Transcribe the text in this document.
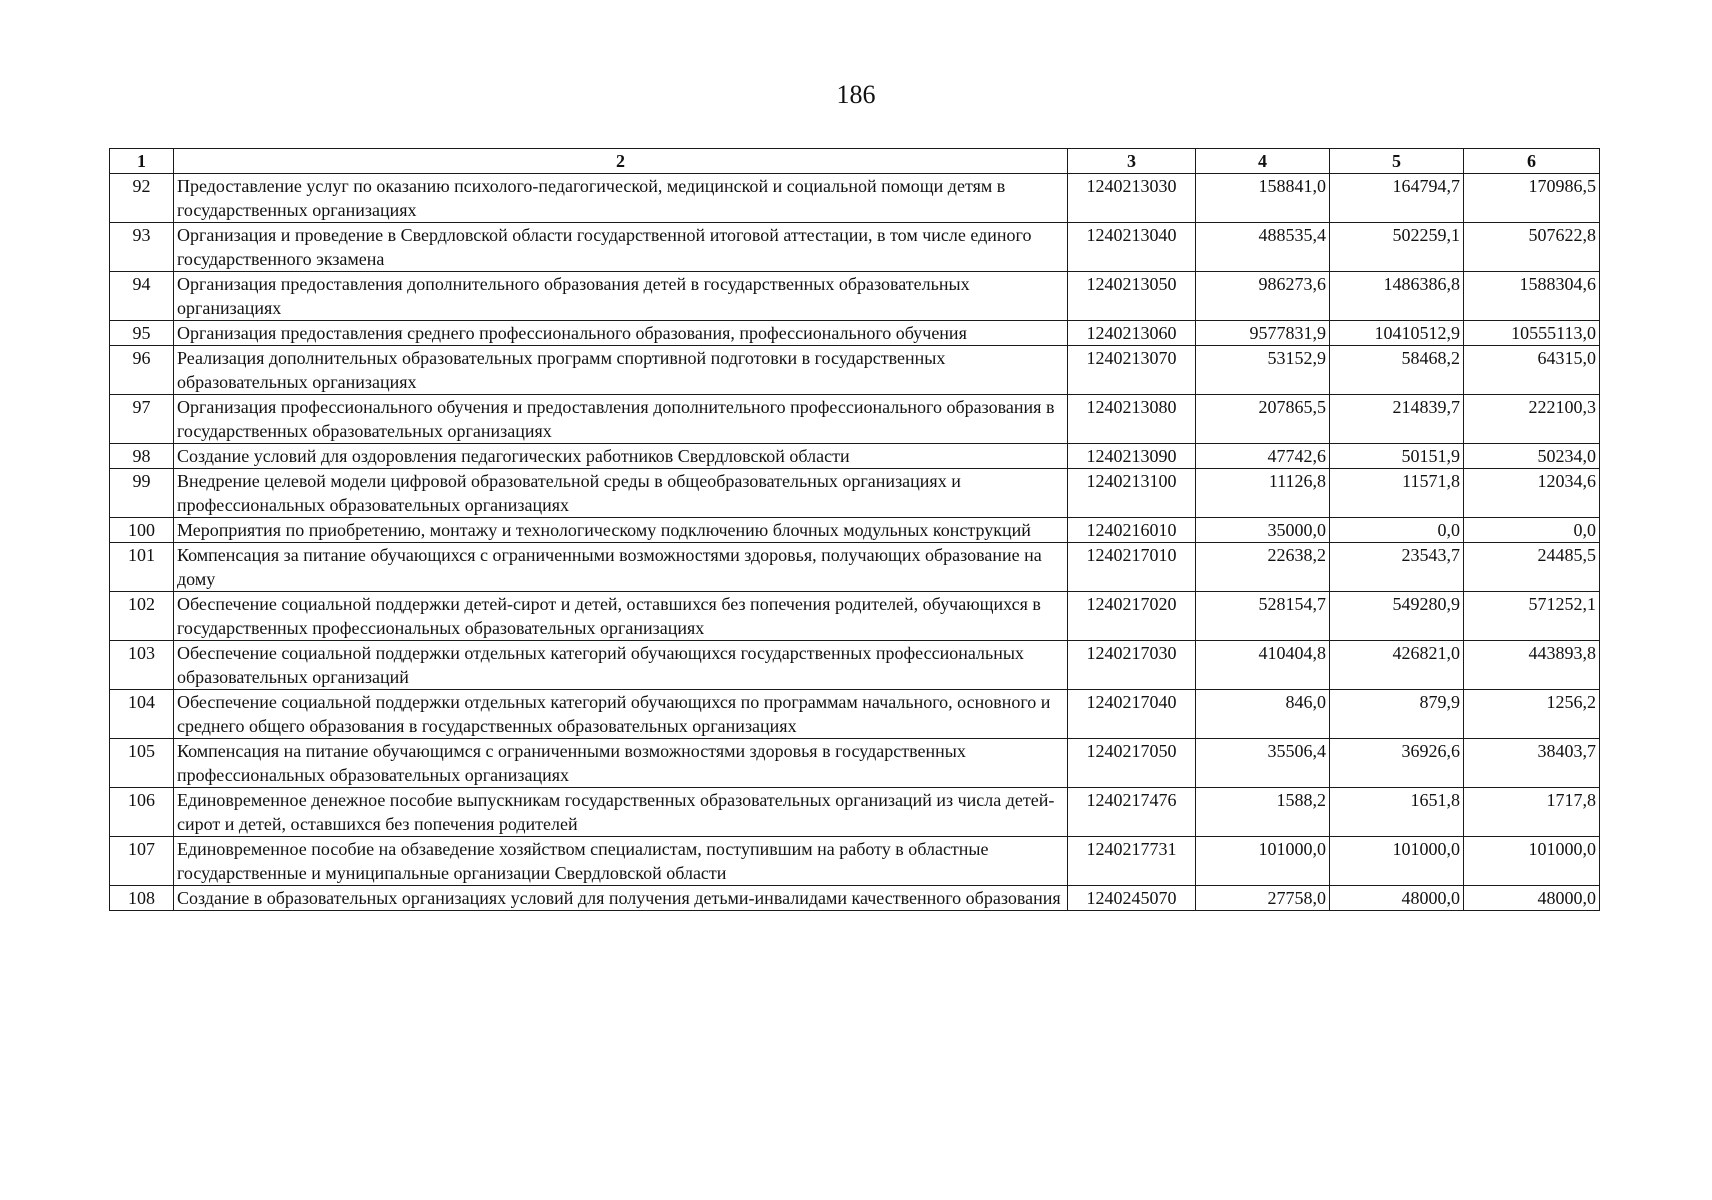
186
1	2	3	4	5	6
92	Предоставление услуг по оказанию психолого-педагогической, медицинской и социальной помощи детям в государственных организациях	1240213030	158841,0	164794,7	170986,5
93	Организация и проведение в Свердловской области государственной итоговой аттестации, в том числе единого государственного экзамена	1240213040	488535,4	502259,1	507622,8
94	Организация предоставления дополнительного образования детей в государственных образовательных организациях	1240213050	986273,6	1486386,8	1588304,6
95	Организация предоставления среднего профессионального образования, профессионального обучения	1240213060	9577831,9	10410512,9	10555113,0
96	Реализация дополнительных образовательных программ спортивной подготовки в государственных образовательных организациях	1240213070	53152,9	58468,2	64315,0
97	Организация профессионального обучения и предоставления дополнительного профессионального образования в государственных образовательных организациях	1240213080	207865,5	214839,7	222100,3
98	Создание условий для оздоровления педагогических работников Свердловской области	1240213090	47742,6	50151,9	50234,0
99	Внедрение целевой модели цифровой образовательной среды в общеобразовательных организациях и профессиональных образовательных организациях	1240213100	11126,8	11571,8	12034,6
100	Мероприятия по приобретению, монтажу и технологическому подключению блочных модульных конструкций	1240216010	35000,0	0,0	0,0
101	Компенсация за питание обучающихся с ограниченными возможностями здоровья, получающих образование на дому	1240217010	22638,2	23543,7	24485,5
102	Обеспечение социальной поддержки детей-сирот и детей, оставшихся без попечения родителей, обучающихся в государственных профессиональных образовательных организациях	1240217020	528154,7	549280,9	571252,1
103	Обеспечение социальной поддержки отдельных категорий обучающихся государственных профессиональных образовательных организаций	1240217030	410404,8	426821,0	443893,8
104	Обеспечение социальной поддержки отдельных категорий обучающихся по программам начального, основного и среднего общего образования в государственных образовательных организациях	1240217040	846,0	879,9	1256,2
105	Компенсация на питание обучающимся с ограниченными возможностями здоровья в государственных профессиональных образовательных организациях	1240217050	35506,4	36926,6	38403,7
106	Единовременное денежное пособие выпускникам государственных образовательных организаций из числа детей-сирот и детей, оставшихся без попечения родителей	1240217476	1588,2	1651,8	1717,8
107	Единовременное пособие на обзаведение хозяйством специалистам, поступившим на работу в областные государственные и муниципальные организации Свердловской области	1240217731	101000,0	101000,0	101000,0
108	Создание в образовательных организациях условий для получения детьми-инвалидами качественного образования	1240245070	27758,0	48000,0	48000,0
